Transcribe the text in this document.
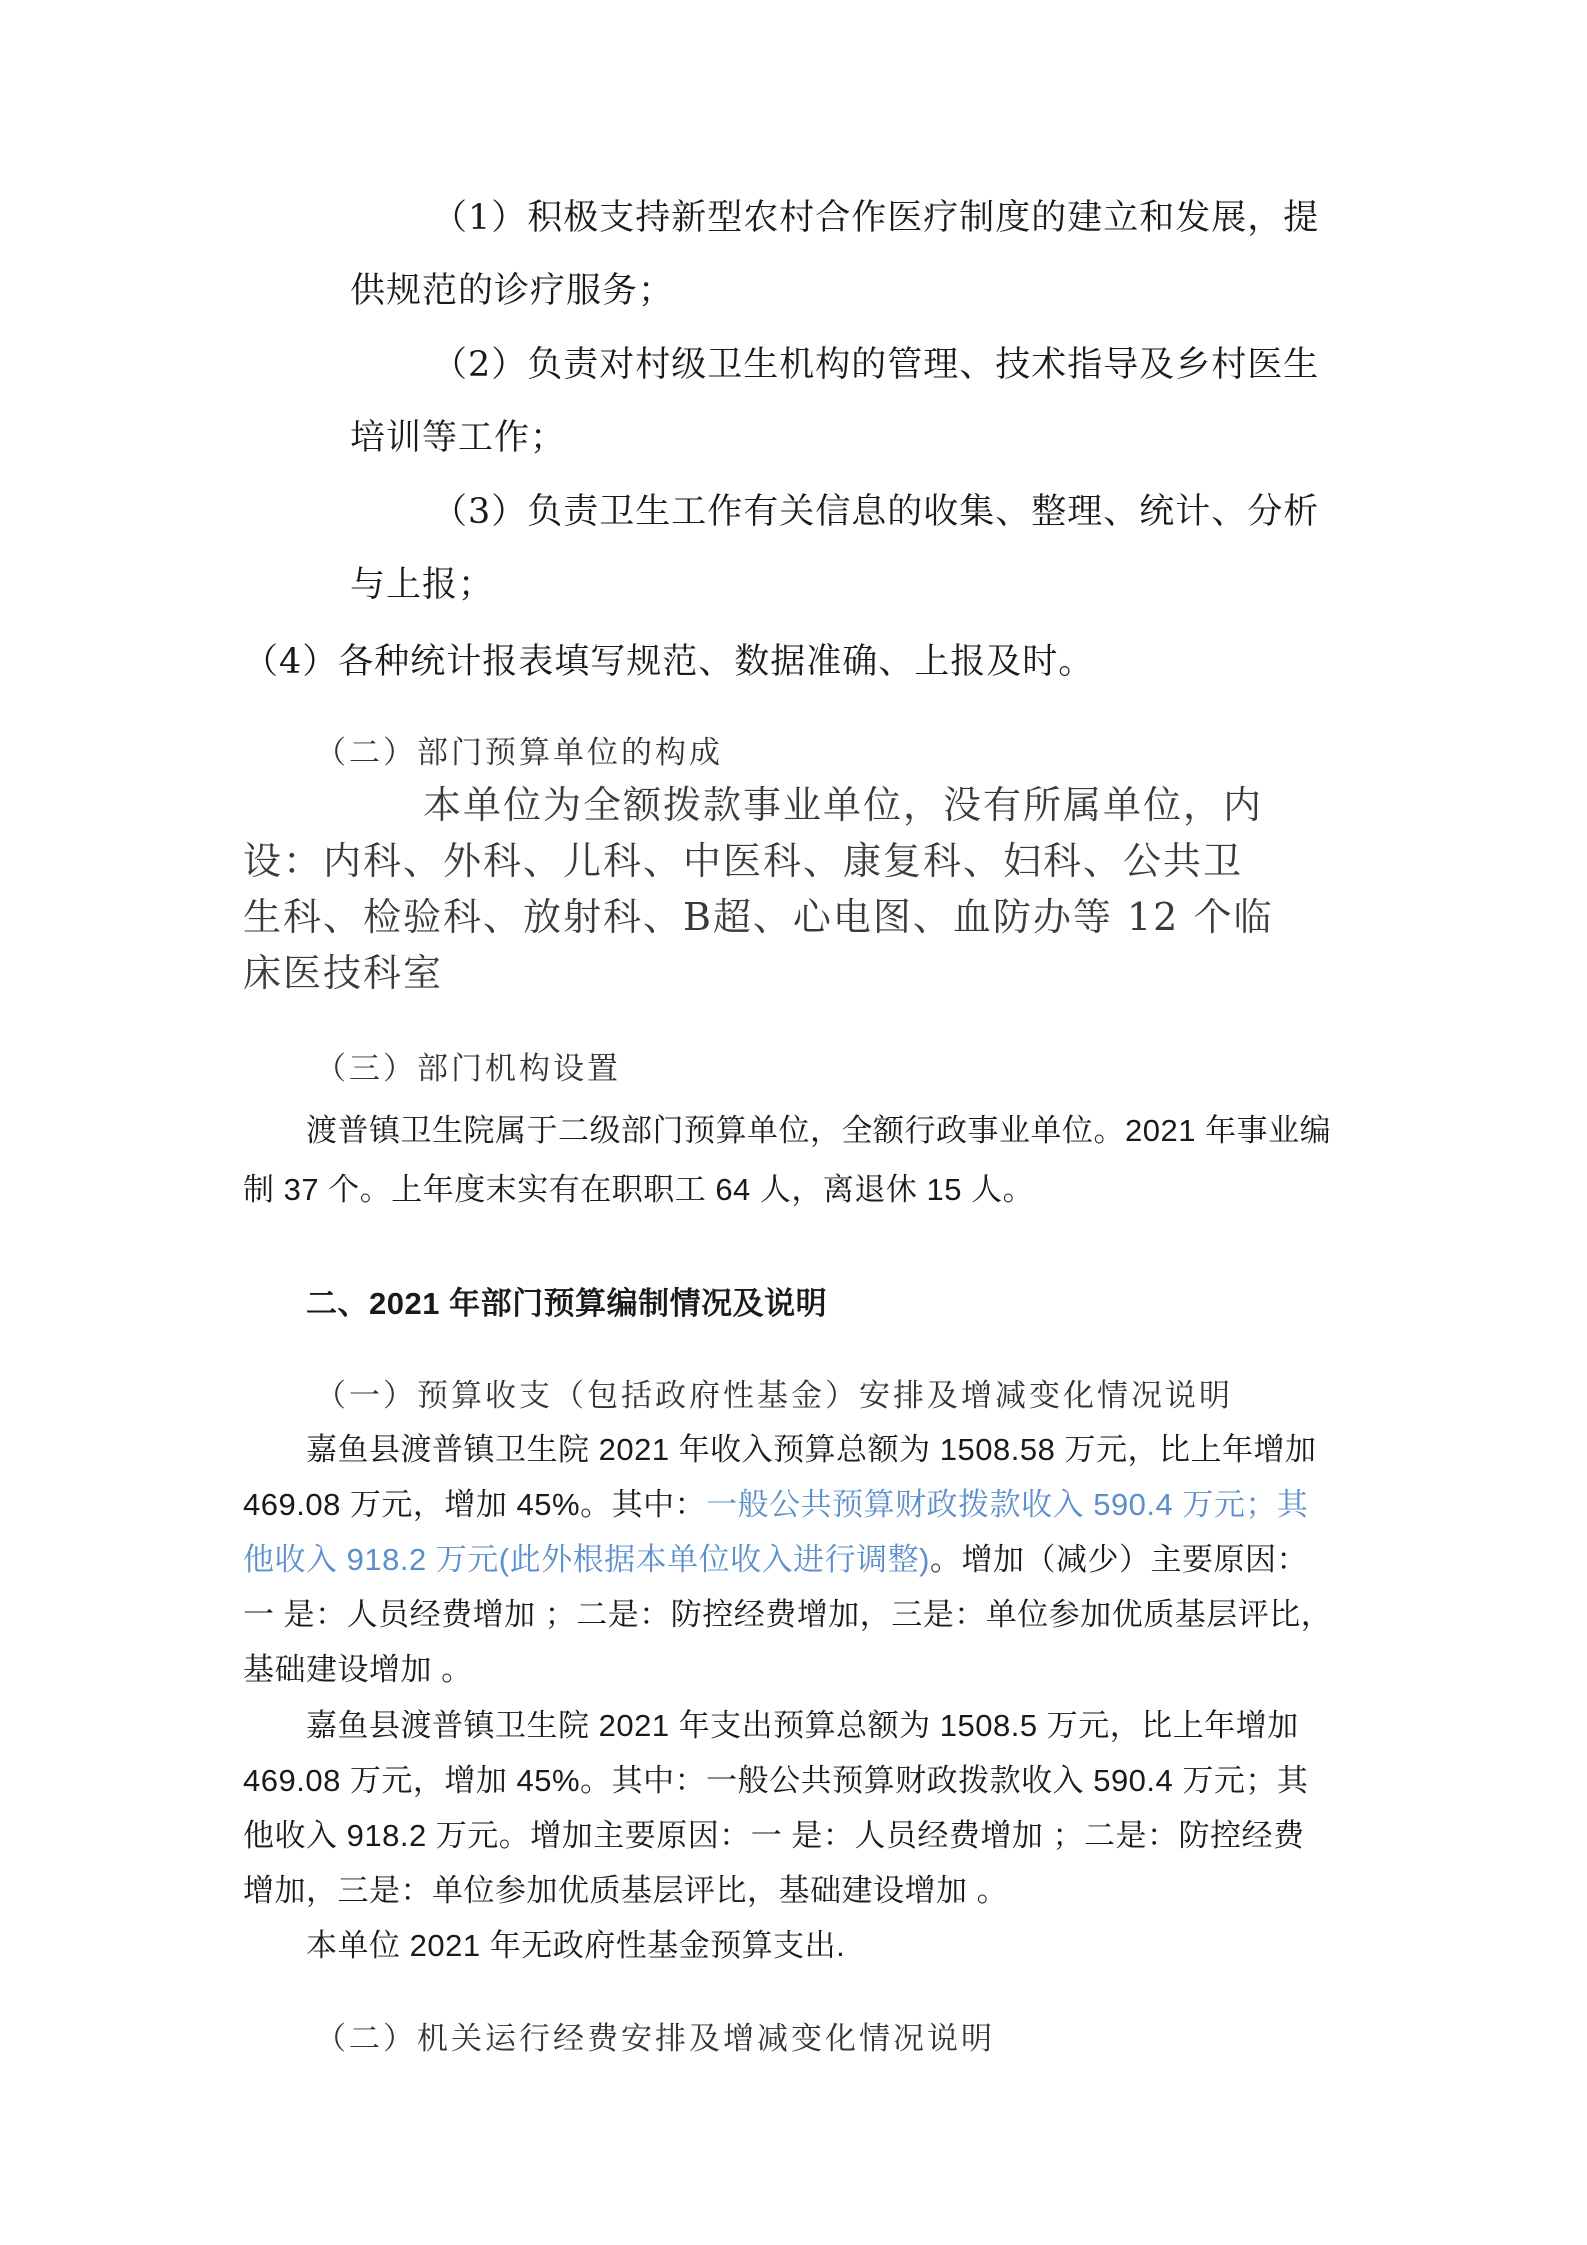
（1）积极支持新型农村合作医疗制度的建立和发展，提

供规范的诊疗服务；

（2）负责对村级卫生机构的管理、技术指导及乡村医生

培训等工作；

（3）负责卫生工作有关信息的收集、整理、统计、分析

与上报；

（4）各种统计报表填写规范、数据准确、上报及时。

（二）部门预算单位的构成

本单位为全额拨款事业单位，没有所属单位，内

设：内科、外科、儿科、中医科、康复科、妇科、公共卫

生科、检验科、放射科、B超、心电图、血防办等 12 个临

床医技科室

（三）部门机构设置

渡普镇卫生院属于二级部门预算单位，全额行政事业单位。2021 年事业编

制 37 个。上年度末实有在职职工 64 人，离退休 15 人。

二、2021 年部门预算编制情况及说明

（一）预算收支（包括政府性基金）安排及增减变化情况说明

嘉鱼县渡普镇卫生院 2021 年收入预算总额为 1508.58 万元，比上年增加

469.08 万元，增加 45%。其中：一般公共预算财政拨款收入 590.4 万元；其

他收入 918.2 万元(此外根据本单位收入进行调整)。增加（减少）主要原因：

一 是：人员经费增加 ；二是：防控经费增加，三是：单位参加优质基层评比，

基础建设增加 。

嘉鱼县渡普镇卫生院 2021 年支出预算总额为 1508.5 万元，比上年增加

469.08 万元，增加 45%。其中：一般公共预算财政拨款收入 590.4 万元；其

他收入 918.2 万元。增加主要原因：一 是：人员经费增加 ；二是：防控经费

增加，三是：单位参加优质基层评比，基础建设增加 。

本单位 2021 年无政府性基金预算支出.

（二）机关运行经费安排及增减变化情况说明
